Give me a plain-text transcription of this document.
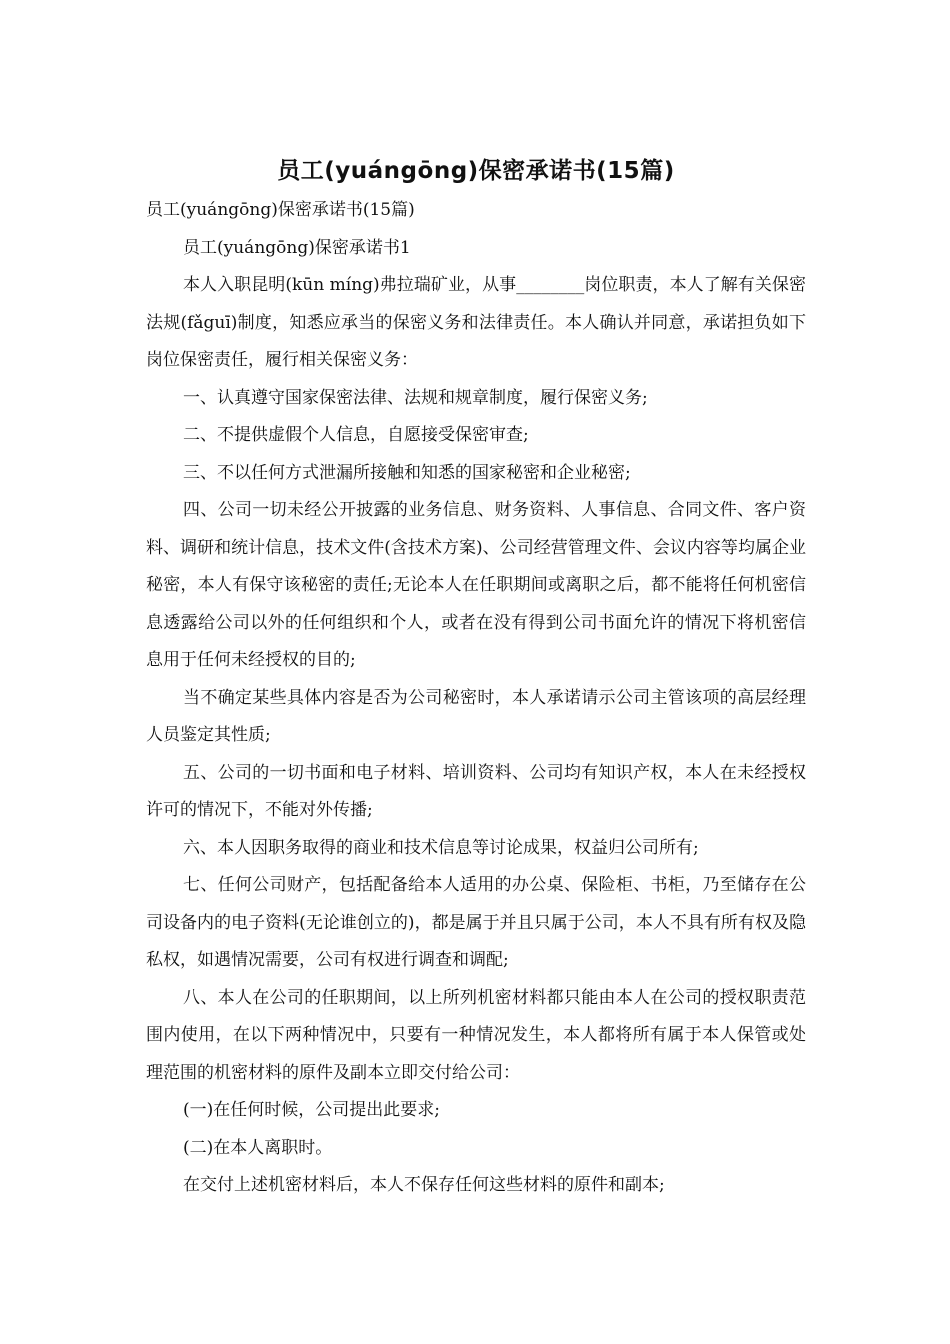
员工(yuángōng)保密承诺书(15篇)

员工(yuángōng)保密承诺书(15篇)

员工(yuángōng)保密承诺书1

本人入职昆明(kūn míng)弗拉瑞矿业，从事________岗位职责，本人了解有关保密法规(fǎguī)制度，知悉应承当的保密义务和法律责任。本人确认并同意，承诺担负如下岗位保密责任，履行相关保密义务：

一、认真遵守国家保密法律、法规和规章制度，履行保密义务;

二、不提供虚假个人信息，自愿接受保密审查;

三、不以任何方式泄漏所接触和知悉的国家秘密和企业秘密;

四、公司一切未经公开披露的业务信息、财务资料、人事信息、合同文件、客户资料、调研和统计信息，技术文件(含技术方案)、公司经营管理文件、会议内容等均属企业秘密，本人有保守该秘密的责任;无论本人在任职期间或离职之后，都不能将任何机密信息透露给公司以外的任何组织和个人，或者在没有得到公司书面允许的情况下将机密信息用于任何未经授权的目的;

当不确定某些具体内容是否为公司秘密时，本人承诺请示公司主管该项的高层经理人员鉴定其性质;

五、公司的一切书面和电子材料、培训资料、公司均有知识产权，本人在未经授权许可的情况下，不能对外传播;

六、本人因职务取得的商业和技术信息等讨论成果，权益归公司所有;

七、任何公司财产，包括配备给本人适用的办公桌、保险柜、书柜，乃至储存在公司设备内的电子资料(无论谁创立的)，都是属于并且只属于公司，本人不具有所有权及隐私权，如遇情况需要，公司有权进行调查和调配;

八、本人在公司的任职期间，以上所列机密材料都只能由本人在公司的授权职责范围内使用，在以下两种情况中，只要有一种情况发生，本人都将所有属于本人保管或处理范围的机密材料的原件及副本立即交付给公司：

(一)在任何时候，公司提出此要求;

(二)在本人离职时。

在交付上述机密材料后，本人不保存任何这些材料的原件和副本;
